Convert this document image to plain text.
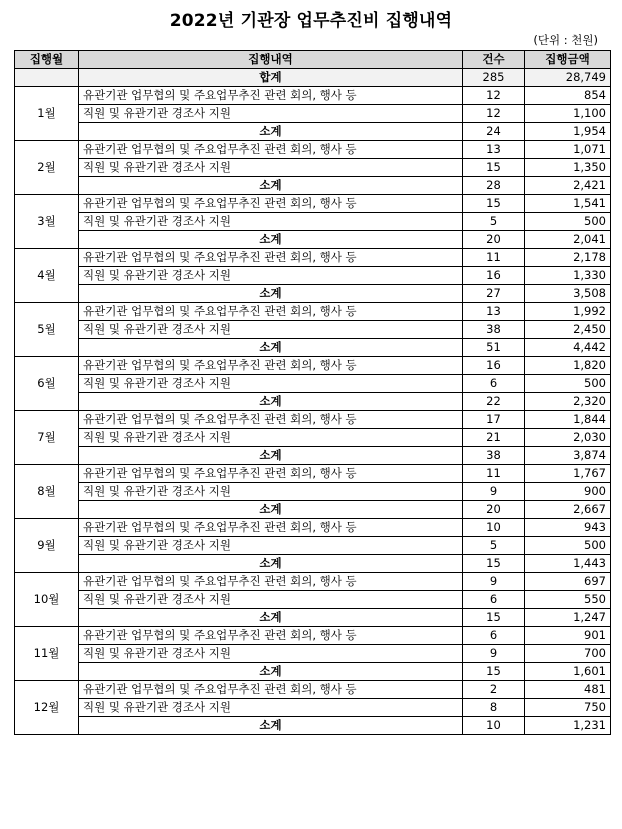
2022년 기관장 업무추진비 집행내역
(단위 : 천원)
집행월	집행내역	건수	집행금액
	합계	285	28,749
1월	유관기관 업무협의 및 주요업무추진 관련 회의, 행사 등	12	854
	직원 및 유관기관 경조사 지원	12	1,100
	소계	24	1,954
2월	유관기관 업무협의 및 주요업무추진 관련 회의, 행사 등	13	1,071
	직원 및 유관기관 경조사 지원	15	1,350
	소계	28	2,421
3월	유관기관 업무협의 및 주요업무추진 관련 회의, 행사 등	15	1,541
	직원 및 유관기관 경조사 지원	5	500
	소계	20	2,041
4월	유관기관 업무협의 및 주요업무추진 관련 회의, 행사 등	11	2,178
	직원 및 유관기관 경조사 지원	16	1,330
	소계	27	3,508
5월	유관기관 업무협의 및 주요업무추진 관련 회의, 행사 등	13	1,992
	직원 및 유관기관 경조사 지원	38	2,450
	소계	51	4,442
6월	유관기관 업무협의 및 주요업무추진 관련 회의, 행사 등	16	1,820
	직원 및 유관기관 경조사 지원	6	500
	소계	22	2,320
7월	유관기관 업무협의 및 주요업무추진 관련 회의, 행사 등	17	1,844
	직원 및 유관기관 경조사 지원	21	2,030
	소계	38	3,874
8월	유관기관 업무협의 및 주요업무추진 관련 회의, 행사 등	11	1,767
	직원 및 유관기관 경조사 지원	9	900
	소계	20	2,667
9월	유관기관 업무협의 및 주요업무추진 관련 회의, 행사 등	10	943
	직원 및 유관기관 경조사 지원	5	500
	소계	15	1,443
10월	유관기관 업무협의 및 주요업무추진 관련 회의, 행사 등	9	697
	직원 및 유관기관 경조사 지원	6	550
	소계	15	1,247
11월	유관기관 업무협의 및 주요업무추진 관련 회의, 행사 등	6	901
	직원 및 유관기관 경조사 지원	9	700
	소계	15	1,601
12월	유관기관 업무협의 및 주요업무추진 관련 회의, 행사 등	2	481
	직원 및 유관기관 경조사 지원	8	750
	소계	10	1,231
